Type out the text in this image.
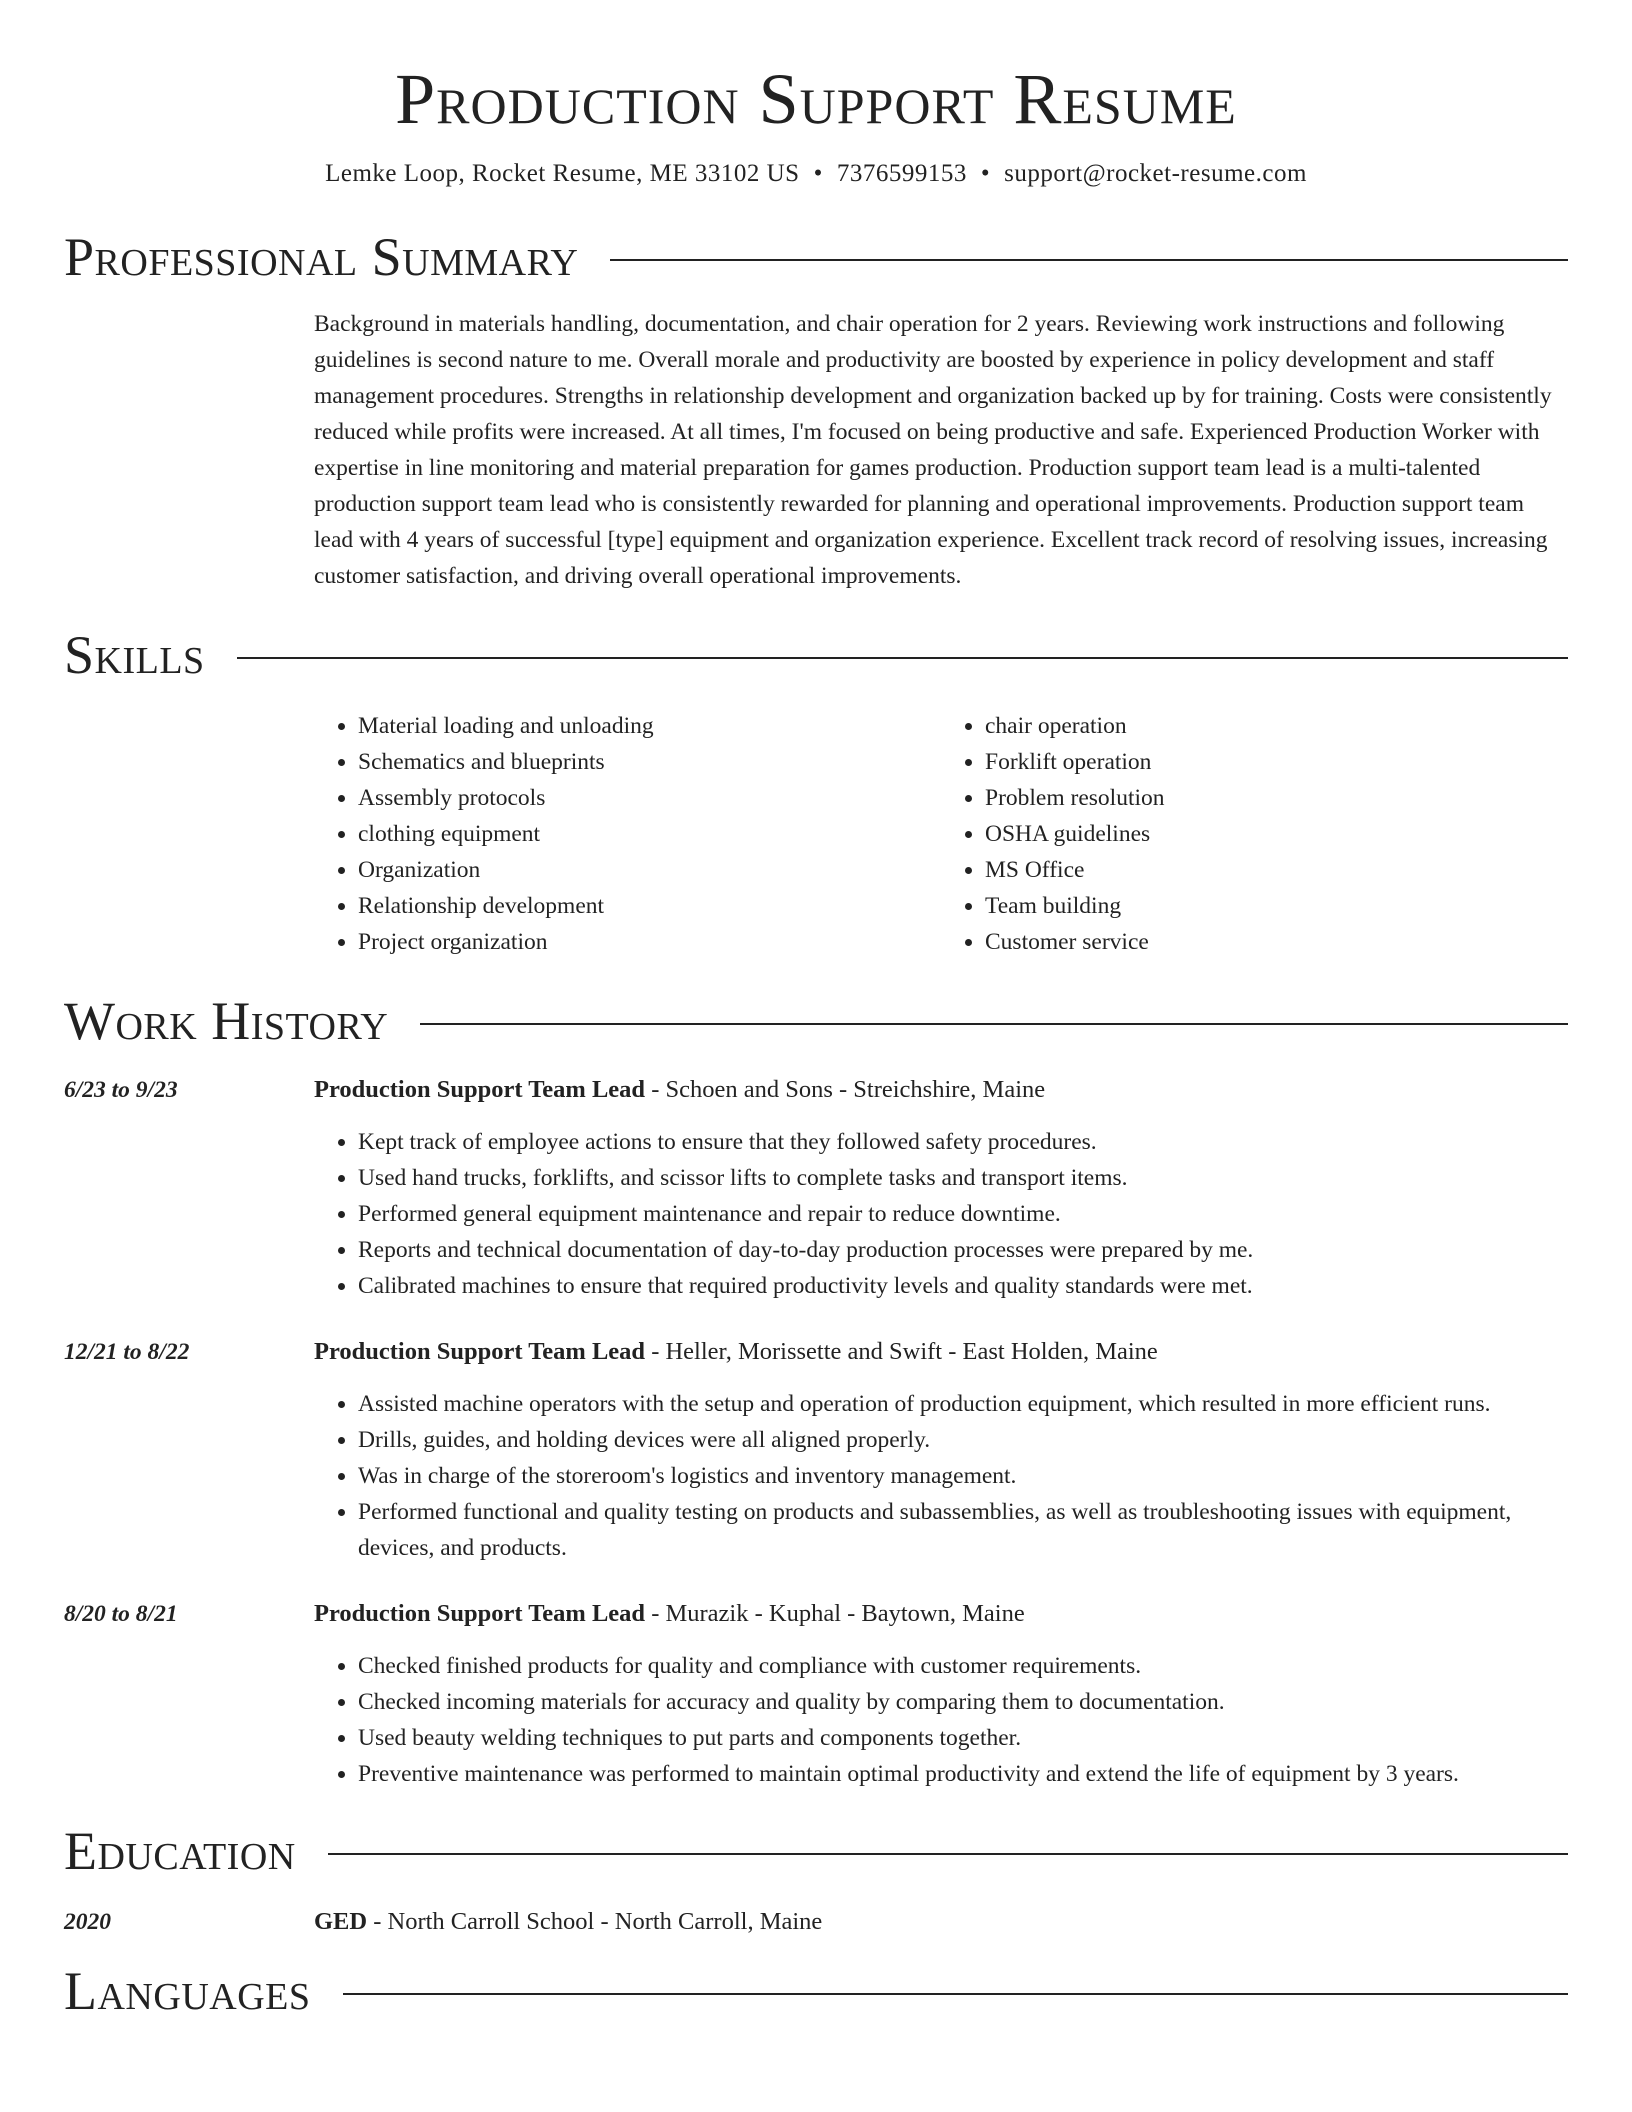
Production Support Resume
Lemke Loop, Rocket Resume, ME 33102 US • 7376599153 • support@rocket-resume.com
Professional Summary
Background in materials handling, documentation, and chair operation for 2 years. Reviewing work instructions and following guidelines is second nature to me. Overall morale and productivity are boosted by experience in policy development and staff management procedures. Strengths in relationship development and organization backed up by for training. Costs were consistently reduced while profits were increased. At all times, I'm focused on being productive and safe. Experienced Production Worker with expertise in line monitoring and material preparation for games production. Production support team lead is a multi-talented production support team lead who is consistently rewarded for planning and operational improvements. Production support team lead with 4 years of successful [type] equipment and organization experience. Excellent track record of resolving issues, increasing customer satisfaction, and driving overall operational improvements.
Skills
• Material loading and unloading
• Schematics and blueprints
• Assembly protocols
• clothing equipment
• Organization
• Relationship development
• Project organization
• chair operation
• Forklift operation
• Problem resolution
• OSHA guidelines
• MS Office
• Team building
• Customer service
Work History
6/23 to 9/23	Production Support Team Lead - Schoen and Sons - Streichshire, Maine
• Kept track of employee actions to ensure that they followed safety procedures.
• Used hand trucks, forklifts, and scissor lifts to complete tasks and transport items.
• Performed general equipment maintenance and repair to reduce downtime.
• Reports and technical documentation of day-to-day production processes were prepared by me.
• Calibrated machines to ensure that required productivity levels and quality standards were met.
12/21 to 8/22	Production Support Team Lead - Heller, Morissette and Swift - East Holden, Maine
• Assisted machine operators with the setup and operation of production equipment, which resulted in more efficient runs.
• Drills, guides, and holding devices were all aligned properly.
• Was in charge of the storeroom's logistics and inventory management.
• Performed functional and quality testing on products and subassemblies, as well as troubleshooting issues with equipment, devices, and products.
8/20 to 8/21	Production Support Team Lead - Murazik - Kuphal - Baytown, Maine
• Checked finished products for quality and compliance with customer requirements.
• Checked incoming materials for accuracy and quality by comparing them to documentation.
• Used beauty welding techniques to put parts and components together.
• Preventive maintenance was performed to maintain optimal productivity and extend the life of equipment by 3 years.
Education
2020	GED - North Carroll School - North Carroll, Maine
Languages
